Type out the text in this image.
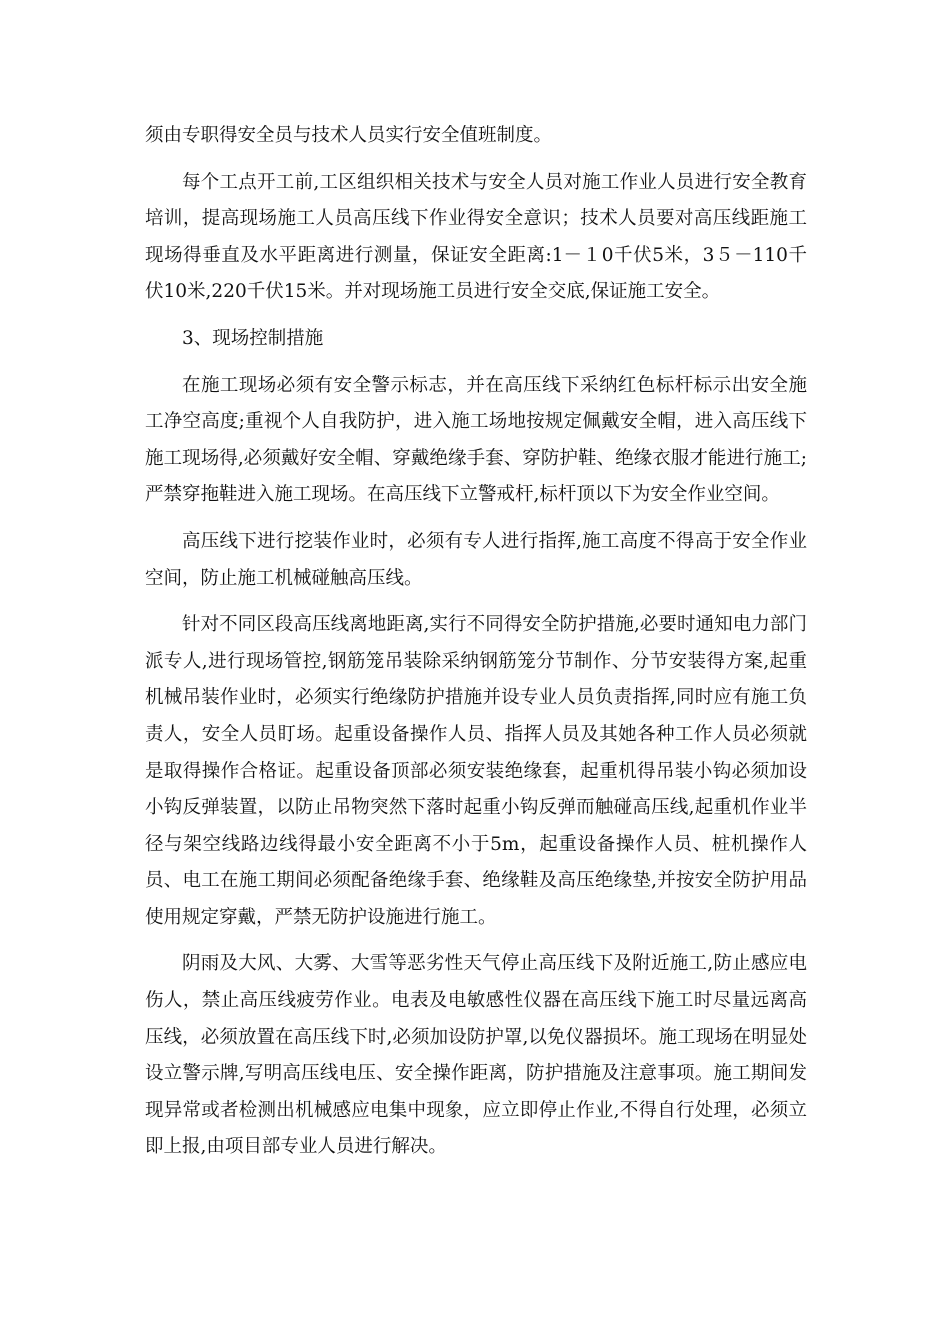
须由专职得安全员与技术人员实行安全值班制度。

每个工点开工前,工区组织相关技术与安全人员对施工作业人员进行安全教育培训，提高现场施工人员高压线下作业得安全意识；技术人员要对高压线距施工现场得垂直及水平距离进行测量，保证安全距离:1－１0千伏5米，3５－110千伏10米,220千伏15米。并对现场施工员进行安全交底,保证施工安全。

3、现场控制措施

在施工现场必须有安全警示标志，并在高压线下采纳红色标杆标示出安全施工净空高度;重视个人自我防护，进入施工场地按规定佩戴安全帽，进入高压线下施工现场得,必须戴好安全帽、穿戴绝缘手套、穿防护鞋、绝缘衣服才能进行施工;严禁穿拖鞋进入施工现场。在高压线下立警戒杆,标杆顶以下为安全作业空间。

高压线下进行挖装作业时，必须有专人进行指挥,施工高度不得高于安全作业空间，防止施工机械碰触高压线。

针对不同区段高压线离地距离,实行不同得安全防护措施,必要时通知电力部门派专人,进行现场管控,钢筋笼吊装除采纳钢筋笼分节制作、分节安装得方案,起重机械吊装作业时，必须实行绝缘防护措施并设专业人员负责指挥,同时应有施工负责人，安全人员盯场。起重设备操作人员、指挥人员及其她各种工作人员必须就是取得操作合格证。起重设备顶部必须安装绝缘套，起重机得吊装小钩必须加设小钩反弹装置，以防止吊物突然下落时起重小钩反弹而触碰高压线,起重机作业半径与架空线路边线得最小安全距离不小于5m，起重设备操作人员、桩机操作人员、电工在施工期间必须配备绝缘手套、绝缘鞋及高压绝缘垫,并按安全防护用品使用规定穿戴，严禁无防护设施进行施工。

阴雨及大风、大雾、大雪等恶劣性天气停止高压线下及附近施工,防止感应电伤人，禁止高压线疲劳作业。电表及电敏感性仪器在高压线下施工时尽量远离高压线，必须放置在高压线下时,必须加设防护罩,以免仪器损坏。施工现场在明显处设立警示牌,写明高压线电压、安全操作距离，防护措施及注意事项。施工期间发现异常或者检测出机械感应电集中现象，应立即停止作业,不得自行处理，必须立即上报,由项目部专业人员进行解决。
